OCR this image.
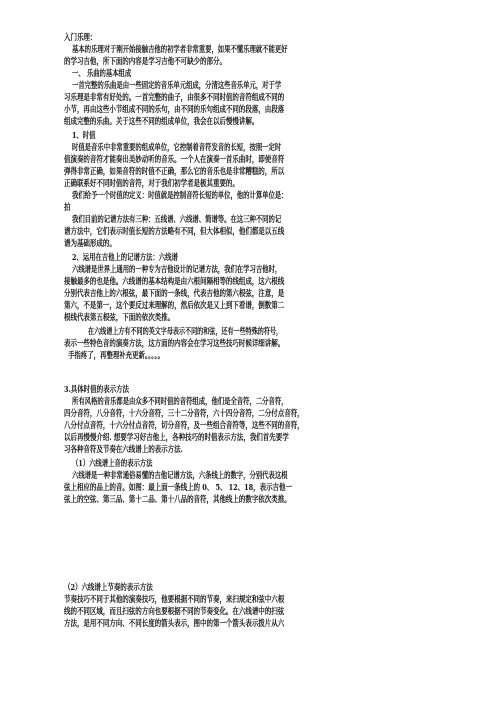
入门乐理：
基本的乐理对于刚开始接触吉他的初学者非常重要，如果不懂乐理就不能更好
的学习吉他，所下面的内容是学习吉他不可缺少的部分。
一、 乐曲的基本组成
一首完整的乐曲是由一些固定的音乐单元组成，分清这些音乐单元，对于学
习乐理是非常有好处的。一首完整的曲子，由很多不同时值的音符组成不同的
小节，再由这些小节组成不同的乐句，由不同的乐句组成不同的段落，由段落
组成完整的乐曲。关于这些不同的组成单位，我会在以后慢慢讲解。
1、时值
时值是音乐中非常重要的组成单位，它控制着音符发音的长短，按照一定时
值演奏的音符才能奏出美妙动听的音乐。一个人在演奏一首乐曲时，即使音符
弹得非常正确，如果音符的时值不正确，那么它的音乐也是非常糟糕的，所以
正确联系好不同时值的音符，对于我们初学者是极其重要的。
我们给予一个时值的定义：时值就是控制音符长短的单位，他的计算单位是：
拍
我们目前的记谱方法有三种：五线谱、六线谱、简谱等。在这三种不同的记
谱方法中，它们表示时值长短的方法略有不同，但大体相似，他们都是以五线
谱为基础形成的。
2、运用在吉他上的记谱方法：六线谱
六线谱是世界上通用的一种专为吉他设计的记谱方法，我们在学习吉他时，
接触最多的也是他。六线谱的基本结构是由六根间隔相等的线组成，这六根线
分别代表吉他上的六根弦，最下面的一条线，代表吉他的第六根弦，注意，是
第六，不是第一，这个要反过来理解的，然后依次是又上到下看谱，倒数第二
根线代表第五根弦，下面的依次类推。
在六线谱上方有不同的英文字母表示不同的和弦，还有一些特殊的符号，
表示一些特色音的演奏方法，这方面的内容会在学习这些技巧时候详细讲解。
手指疼了，再整理补充更新。。。。。
3.具体时值的表示方法
所有风格的音乐都是由众多不同时值的音符组成，他们是全音符，二分音符，
四分音符，八分音符，十六分音符，三十二分音符，六十四分音符，二分付点音符，
八分付点音符，十六分付点音符，切分音符，及一些组合音符等，这些不同的音符，
以后再慢慢介绍. 想要学习好吉他上，各种技巧的时值表示方法，我们首先要学
习各种音符及节奏在六线谱上的表示方法.
（1）六线谱上音的表示方法
六线谱是一种非常通俗易懂的吉他记谱方法，六条线上的数字，分别代表这根
弦上相应的品上的音。如图：最上面一条线上的 0、 5、 12、18，表示吉他一
弦上的空弦、第三品、第十二品、第十八品的音符，其他线上的数字依次类推。
（2）六线谱上节奏的表示方法
节奏技巧不同于其他的演奏技巧，他要根据不同的节奏，来扫规定和弦中六根
线的不同区域，而且扫弦的方向也要根据不同的节奏变化。在六线谱中的扫弦
方法，是用不同方向、不同长度的箭头表示，图中的第一个箭头表示拨片从六
